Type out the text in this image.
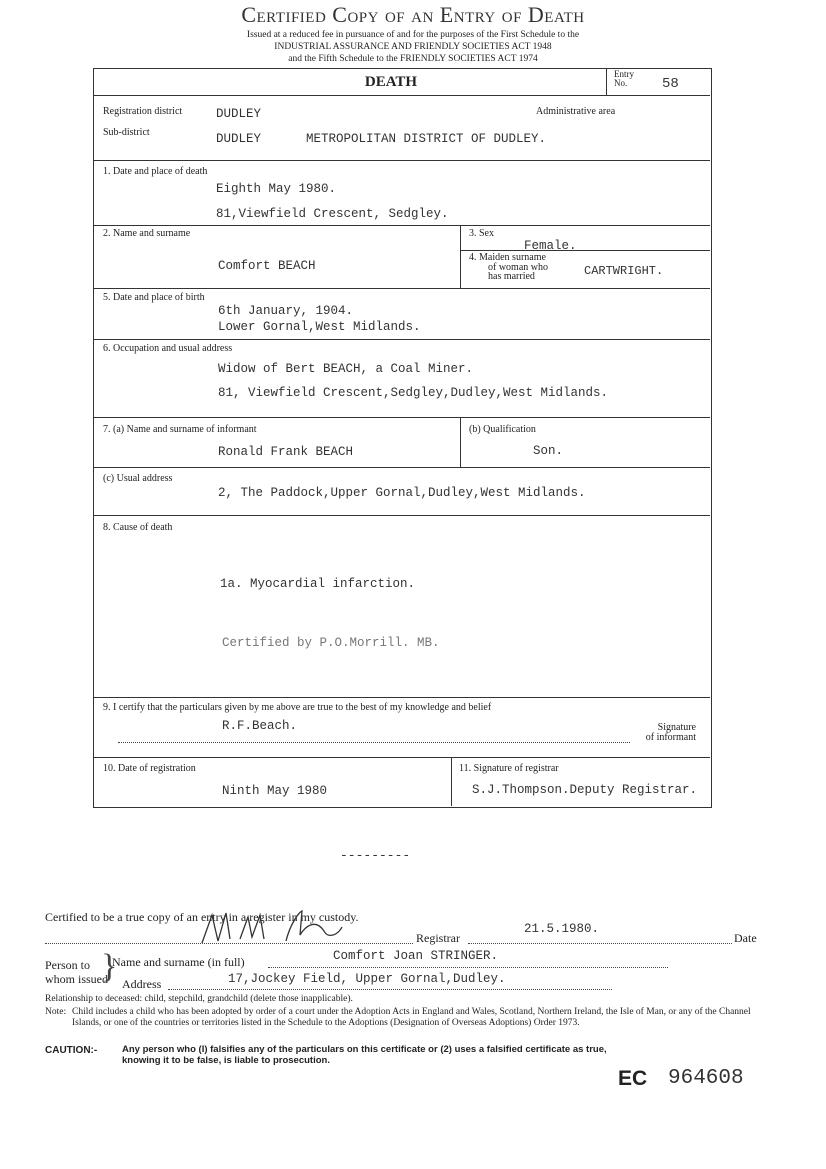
Certified Copy of an Entry of Death
Issued at a reduced fee in pursuance of and for the purposes of the First Schedule to the
INDUSTRIAL ASSURANCE AND FRIENDLY SOCIETIES ACT 1948
and the Fifth Schedule to the FRIENDLY SOCIETIES ACT 1974
DEATH	Entry
No.	58
Registration district	DUDLEY	Administrative area
Sub-district	DUDLEY	METROPOLITAN DISTRICT OF DUDLEY.
1. Date and place of death
Eighth May 1980.
81,Viewfield Crescent, Sedgley.
2. Name and surname
Comfort BEACH
3. Sex
Female.
4. Maiden surname
of woman who
has married	CARTWRIGHT.
5. Date and place of birth
6th January, 1904.
Lower Gornal,West Midlands.
6. Occupation and usual address
Widow of Bert BEACH, a Coal Miner.
81, Viewfield Crescent,Sedgley,Dudley,West Midlands.
7. (a) Name and surname of informant
Ronald Frank BEACH
(b) Qualification
Son.
(c) Usual address
2, The Paddock,Upper Gornal,Dudley,West Midlands.
8. Cause of death
1a. Myocardial infarction.
Certified by P.O.Morrill. MB.
9. I certify that the particulars given by me above are true to the best of my knowledge and belief
R.F.Beach.	Signature
of informant
10. Date of registration
Ninth May 1980
11. Signature of registrar
S.J.Thompson.Deputy Registrar.
---------
Certified to be a true copy of an entry in a register in my custody.
Registrar
21.5.1980.
Date
Person to
whom issued
}
Name and surname (in full)	Comfort Joan STRINGER.
Address	17,Jockey Field, Upper Gornal,Dudley.
Relationship to deceased: child, stepchild, grandchild (delete those inapplicable).
Note: Child includes a child who has been adopted by order of a court under the Adoption Acts in England and Wales, Scotland, Northern Ireland, the Isle of Man, or any of the Channel Islands, or one of the countries or territories listed in the Schedule to the Adoptions (Designation of Overseas Adoptions) Order 1973.
CAUTION:-	Any person who (I) falsifies any of the particulars on this certificate or (2) uses a falsified certificate as true, knowing it to be false, is liable to prosecution.
EC 964608
